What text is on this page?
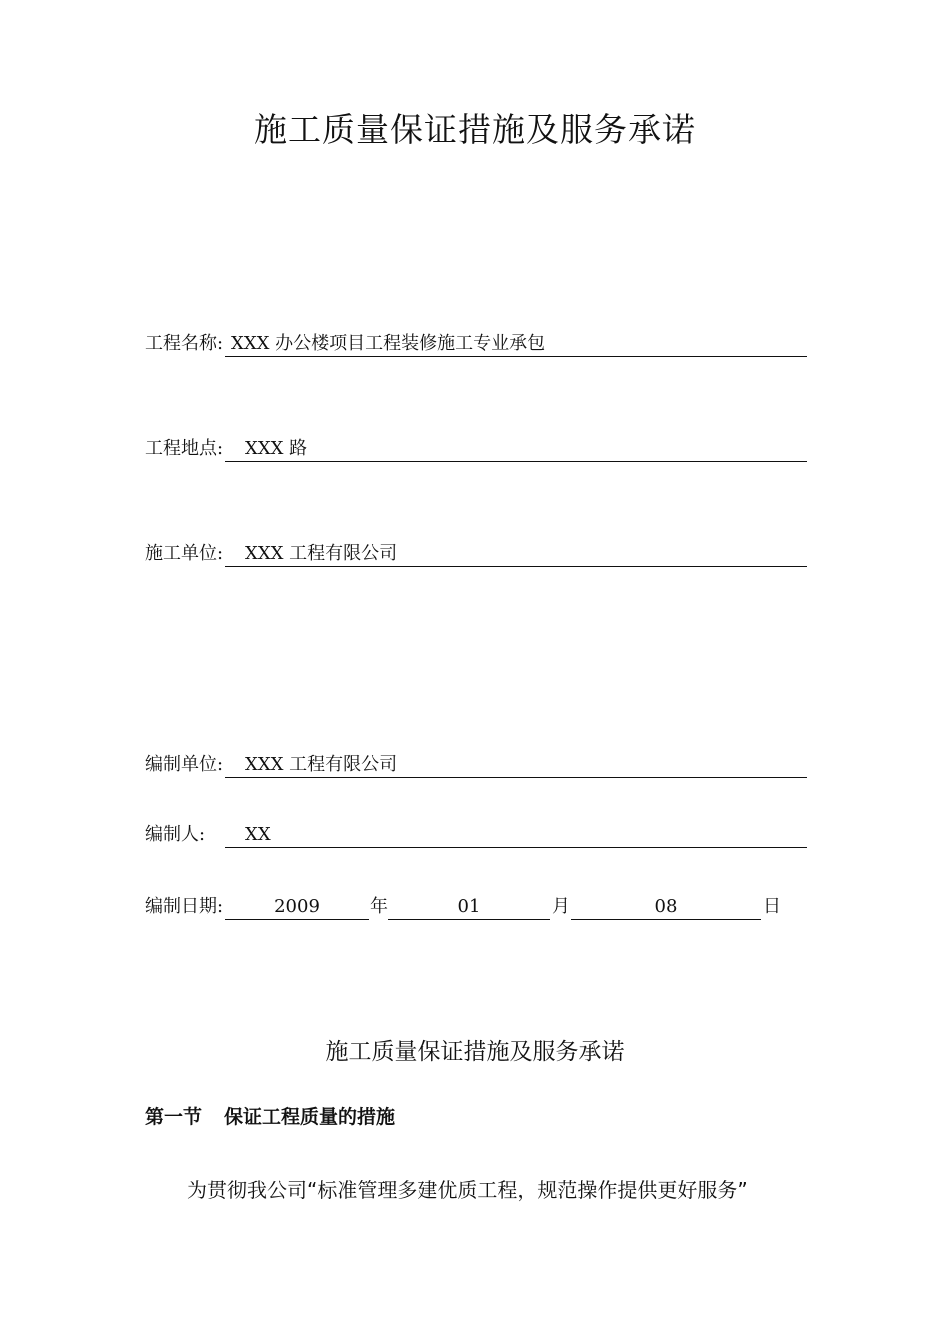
施工质量保证措施及服务承诺
工程名称: XXX 办公楼项目工程装修施工专业承包
工程地点: XXX 路
施工单位: XXX 工程有限公司
编制单位: XXX 工程有限公司
编制人: XX
编制日期:	2009	年	01	月	08	日
施工质量保证措施及服务承诺
第一节 保证工程质量的措施
为贯彻我公司“标准管理多建优质工程，规范操作提供更好服务”
